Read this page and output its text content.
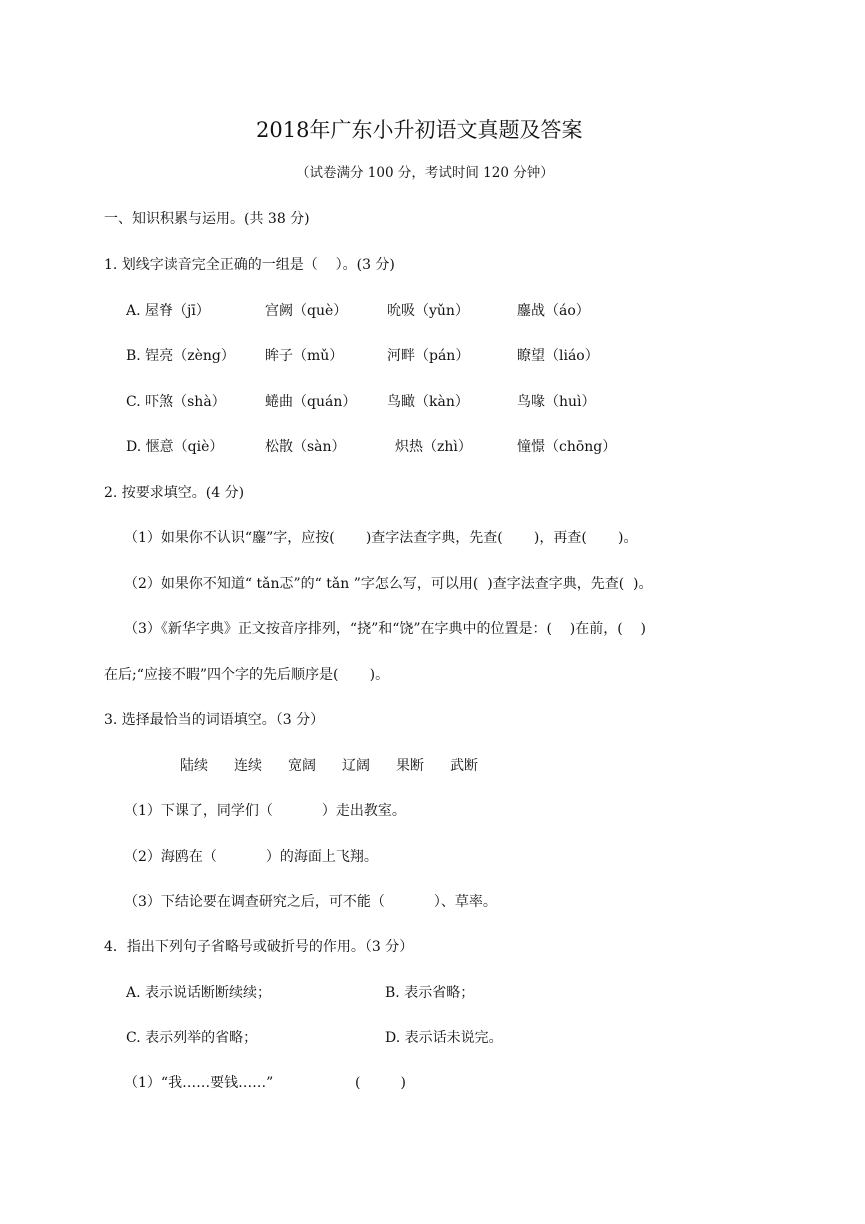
2018年广东小升初语文真题及答案
（试卷满分 100 分，考试时间 120 分钟）
一、知识积累与运用。(共 38 分)
1. 划线字读音完全正确的一组是（    ）。(3 分)
A. 屋脊（jī）	宫阙（què）	吮吸（yǔn）	鏖战（áo）
B. 锃亮（zèng） 眸子（mǔ）	河畔（pán）	瞭望（liáo）
C. 吓煞（shà）	蜷曲（quán） 鸟瞰（kàn）	鸟喙（huì）
D. 惬意（qiè）	松散（sàn）	炽热（zhì）	憧憬（chōng）
2. 按要求填空。(4 分)
（1）如果你不认识“鏖”字，应按(       )查字法查字典，先查(       )，再查(       )。
（2）如果你不知道“ tǎn忑”的“ tǎn ”字怎么写，可以用(  )查字法查字典，先查(  )。
（3）《新华字典》正文按音序排列，“挠”和“饶”在字典中的位置是：(    )在前，(    )
在后;“应接不暇”四个字的先后顺序是(       )。
3. 选择最恰当的词语填空。（3 分）
陆续 连续 宽阔 辽阔 果断 武断
（1）下课了，同学们（           ）走出教室。
（2）海鸥在（           ）的海面上飞翔。
（3）下结论要在调查研究之后，可不能（           ）、草率。
4．指出下列句子省略号或破折号的作用。（3 分）
A. 表示说话断断续续；	B. 表示省略；
C. 表示列举的省略；	D. 表示话未说完。
（1）“我……要钱……”	(         )
